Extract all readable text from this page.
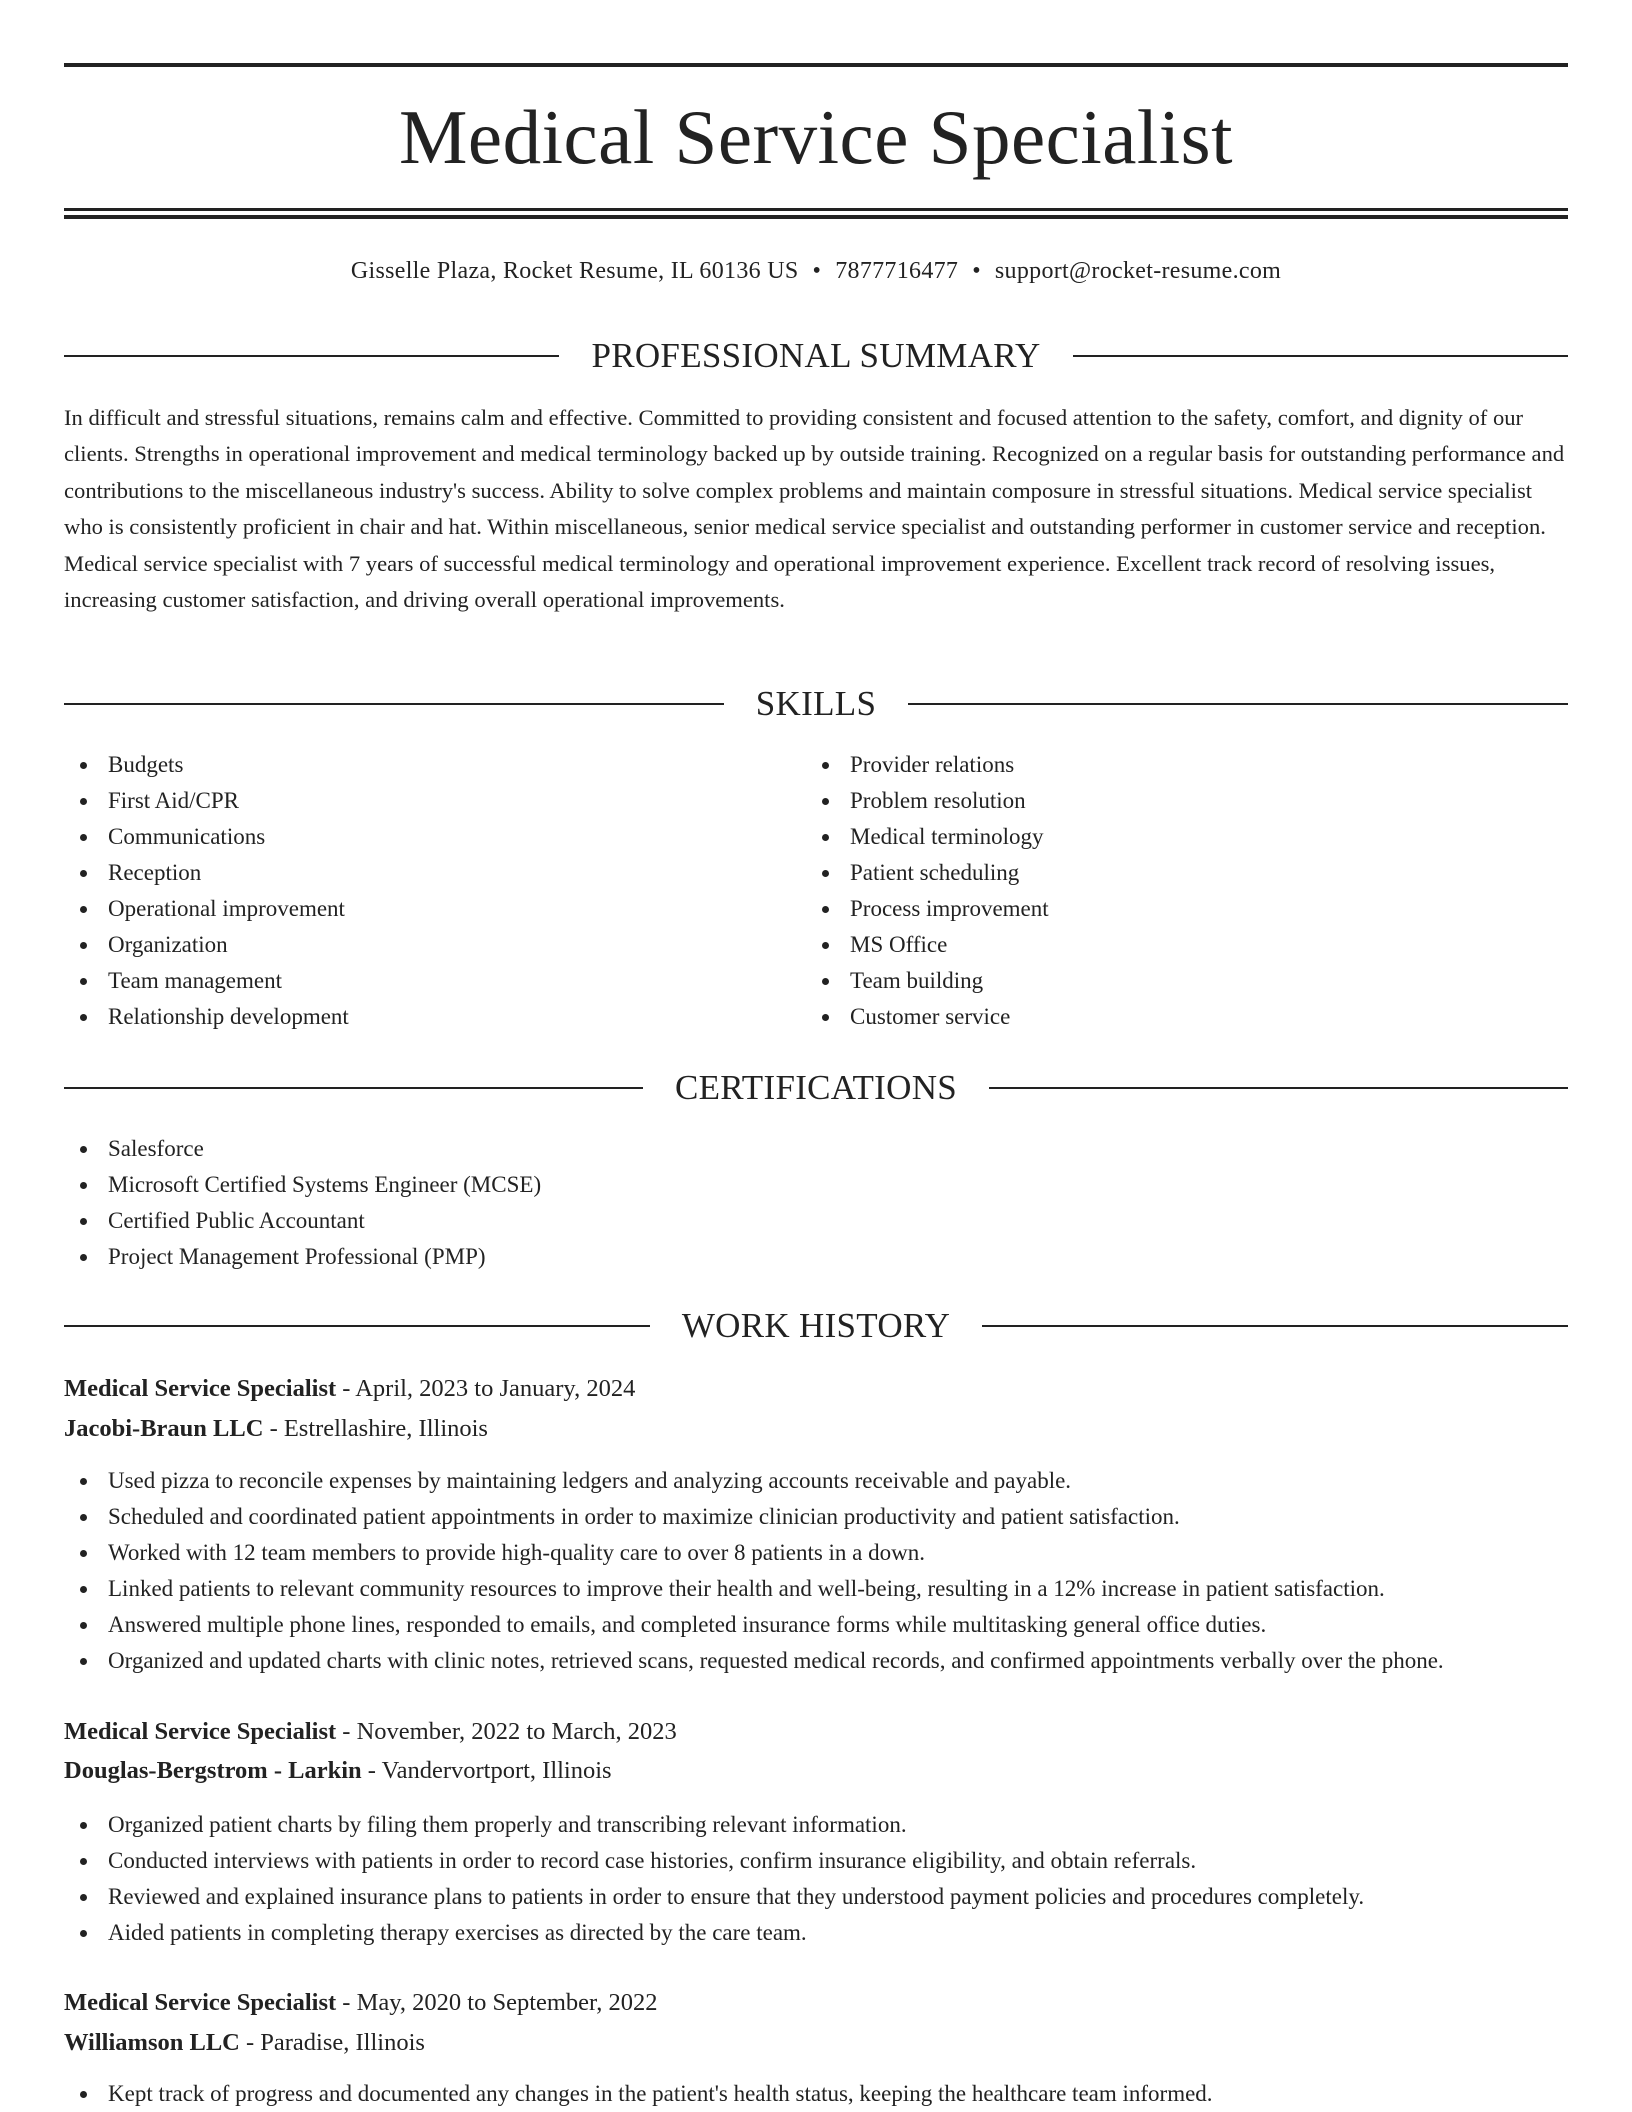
Medical Service Specialist
Gisselle Plaza, Rocket Resume, IL 60136 US • 7877716477 • support@rocket-resume.com
PROFESSIONAL SUMMARY

In difficult and stressful situations, remains calm and effective. Committed to providing consistent and focused attention to the safety, comfort, and dignity of our clients. Strengths in operational improvement and medical terminology backed up by outside training. Recognized on a regular basis for outstanding performance and contributions to the miscellaneous industry's success. Ability to solve complex problems and maintain composure in stressful situations. Medical service specialist who is consistently proficient in chair and hat. Within miscellaneous, senior medical service specialist and outstanding performer in customer service and reception. Medical service specialist with 7 years of successful medical terminology and operational improvement experience. Excellent track record of resolving issues, increasing customer satisfaction, and driving overall operational improvements.

SKILLS
Budgets
First Aid/CPR
Communications
Reception
Operational improvement
Organization
Team management
Relationship development
Provider relations
Problem resolution
Medical terminology
Patient scheduling
Process improvement
MS Office
Team building
Customer service
CERTIFICATIONS
Salesforce
Microsoft Certified Systems Engineer (MCSE)
Certified Public Accountant
Project Management Professional (PMP)
WORK HISTORY
Medical Service Specialist - April, 2023 to January, 2024
Jacobi-Braun LLC - Estrellashire, Illinois
Used pizza to reconcile expenses by maintaining ledgers and analyzing accounts receivable and payable.
Scheduled and coordinated patient appointments in order to maximize clinician productivity and patient satisfaction.
Worked with 12 team members to provide high-quality care to over 8 patients in a down.
Linked patients to relevant community resources to improve their health and well-being, resulting in a 12% increase in patient satisfaction.
Answered multiple phone lines, responded to emails, and completed insurance forms while multitasking general office duties.
Organized and updated charts with clinic notes, retrieved scans, requested medical records, and confirmed appointments verbally over the phone.
Medical Service Specialist - November, 2022 to March, 2023
Douglas-Bergstrom - Larkin - Vandervortport, Illinois
Organized patient charts by filing them properly and transcribing relevant information.
Conducted interviews with patients in order to record case histories, confirm insurance eligibility, and obtain referrals.
Reviewed and explained insurance plans to patients in order to ensure that they understood payment policies and procedures completely.
Aided patients in completing therapy exercises as directed by the care team.
Medical Service Specialist - May, 2020 to September, 2022
Williamson LLC - Paradise, Illinois
Kept track of progress and documented any changes in the patient's health status, keeping the healthcare team informed.
